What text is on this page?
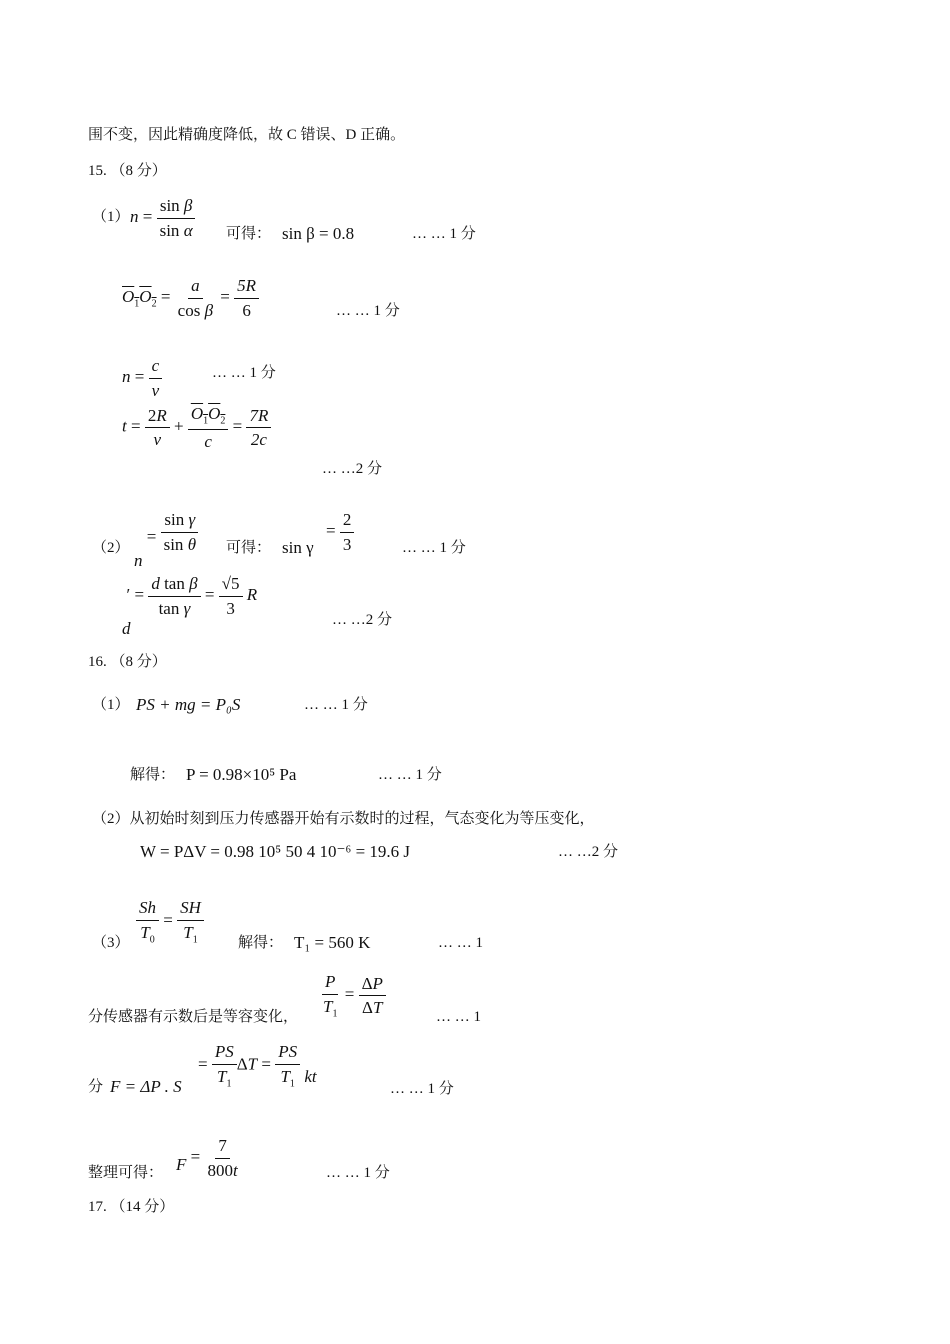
围不变，因此精确度降低，故 C 错误、D 正确。
15. （8 分）
（1） $n = \frac{\text{sin β}}{\text{sin α}}$ 可得： sin β = 0.8	… … 1 分
$O_1O_2 = \frac{a}{\text{cos β}} = \frac{5R}{6}$	… … 1 分
$n = \frac{c}{v}$	… … 1 分
$t = \frac{2R}{v} + \frac{O_1O_2}{c} = \frac{7R}{2c}$
… …2 分
（2）
$n = \frac{\text{sin γ}}{\text{sin θ}}$ 可得： sin γ
= $\frac{2}{3}$	… … 1 分
$d' = \frac{\text{d tan β}}{\text{tan γ}} = \frac{√5}{3}$ R
… …2 分
16. （8 分）
（1） PS + mg = P₀S	… … 1 分
解得： P = 0.98×10⁵ Pa	… … 1 分
（2）从初始时刻到压力传感器开始有示数时的过程，气态变化为等压变化，
W = PΔV = 0.98 10⁵ 50 4 10⁻⁶ = 19.6 J	… …2 分
$(3) \frac{Sh}{T_0} = \frac{SH}{T_1}$ 解得： T₁ = 560 K	… … 1
分传感器有示数后是等容变化， $\frac{P}{T_1} = \frac{\Delta P}{\Delta T}$	… … 1
分 F = ΔP . S
= $\frac{PS}{T_1}$ $\Delta T = \frac{PS}{T_1}$ kt
… … 1 分
整理可得： $F = \frac{7}{800t}$	… … 1 分
17. （14 分）
